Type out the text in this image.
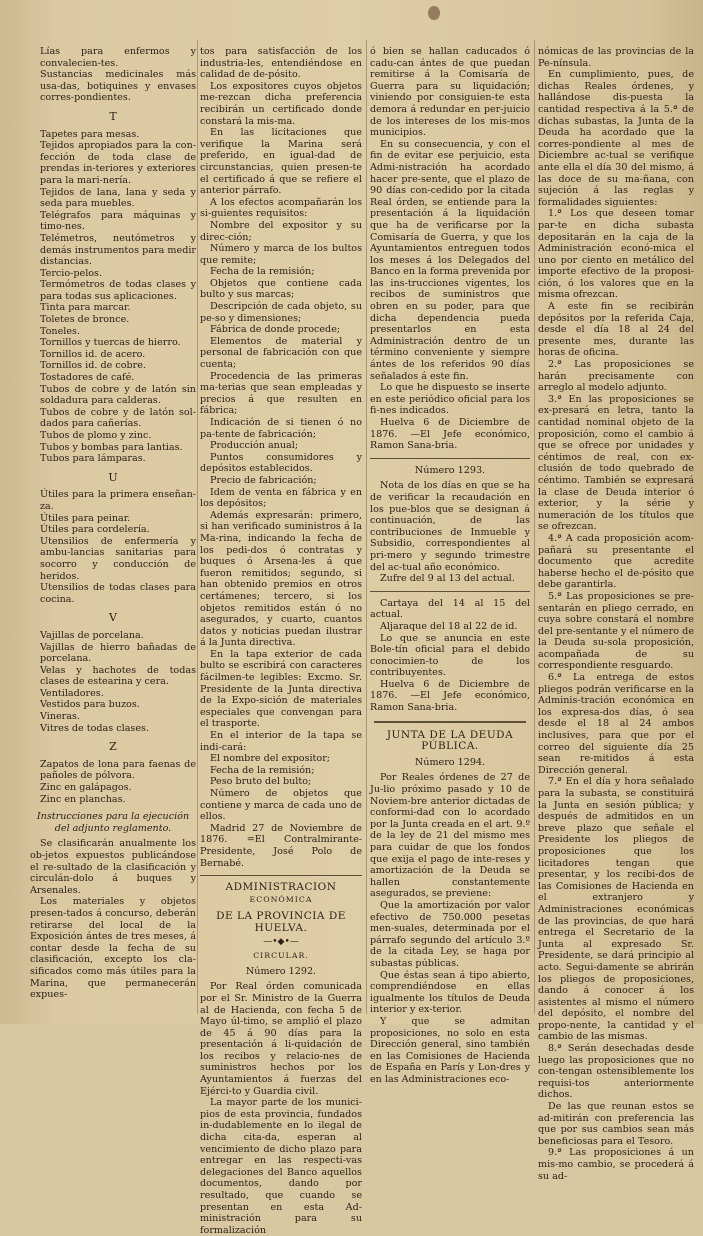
Lías para enfermos y convalecien-tes.

Sustancias medicinales más usa-das, botiquines y envases corres-pondientes.

T

Tapetes para mesas.

Tejidos apropiados para la con-fección de toda clase de prendas in-teriores y exteriores para la mari-nería.

Tejidos de lana, lana y seda y seda para muebles.

Telégrafos para máquinas y timo-nes.

Telémetros, neutómetros y demás instrumentos para medir distancias.

Tercio-pelos.

Termómetros de todas clases y para todas sus aplicaciones.

Tinta para marcar.

Toletes de bronce.

Toneles.

Tornillos y tuercas de hierro.

Tornillos id. de acero.

Tornillos id. de cobre.

Tostadores de café.

Tubos de cobre y de latón sin soldadura para calderas.

Tubos de cobre y de latón sol-dados para cañerías.

Tubos de plomo y zinc.

Tubos y bombas para lantias.

Tubos para lámparas.

U

Útiles para la primera enseñan-za.

Útiles para peinar.

Útiles para cordelería.

Utensilios de enfermería y ambu-lancias sanitarias para socorro y conducción de heridos.

Utensilios de todas clases para cocina.

V

Vajillas de porcelana.

Vajillas de hierro bañadas de porcelana.

Velas y hachotes de todas clases de estearina y cera.

Ventiladores.

Vestidos para buzos.

Vineras.

Vitres de todas clases.

Z

Zapatos de lona para faenas de pañoles de pólvora.

Zinc en galápagos.

Zinc en planchas.

Instrucciones para la ejecución del adjunto reglamento.

Se clasificarán anualmente los ob-jetos expuestos publicándose el re-sultado de la clasificación y circulán-dolo á buques y Arsenales.

Los materiales y objetos presen-tados á concurso, deberán retirarse del local de la Exposición ántes de tres meses, á contar desde la fecha de su clasificación, excepto los cla-sificados como más útiles para la Marina, que permanecerán expues-

tos para satisfacción de los industria-les, entendiéndose en calidad de de-pósito.

Los expositores cuyos objetos me-rezcan dicha preferencia recibirán un certificado donde constará la mis-ma.

En las licitaciones que verifique la Marina será preferido, en igual-dad de circunstancias, quien presen-te el certificado á que se refiere el anterior párrafo.

A los efectos acompañarán los si-guientes requisitos:

Nombre del expositor y su direc-ción;

Número y marca de los bultos que remite;

Fecha de la remisión;

Objetos que contiene cada bulto y sus marcas;

Descripción de cada objeto, su pe-so y dimensiones;

Fábrica de donde procede;

Elementos de material y personal de fabricación con que cuenta;

Procedencia de las primeras ma-terias que sean empleadas y precios á que resulten en fábrica;

Indicación de si tienen ó no pa-tente de fabricación;

Producción anual;

Puntos consumidores y depósitos establecidos.

Precio de fabricación;

Idem de venta en fábrica y en los depósitos;

Además expresarán: primero, si han verificado suministros á la Ma-rina, indicando la fecha de los pedi-dos ó contratas y buques ó Arsena-les á que fueron remitidos; segundo, si han obtenido premios en otros certámenes; tercero, si los objetos remitidos están ó no asegurados, y cuarto, cuantos datos y noticias puedan ilustrar á la Junta directiva.

En la tapa exterior de cada bulto se escribirá con caracteres fácilmen-te legibles: Excmo. Sr. Presidente de la Junta directiva de la Expo-sición de materiales especiales que convengan para el trasporte.

En el interior de la tapa se indi-cará:

El nombre del expositor;

Fecha de la remisión;

Peso bruto del bulto;

Número de objetos que contiene y marca de cada uno de ellos.

Madrid 27 de Noviembre de 1876. =El Contralmirante-Presidente, José Polo de Bernabé.

ADMINISTRACION

ECONÓMICA

DE LA PROVINCIA DE HUELVA.

—•◆•—

CIRCULAR.

Número 1292.

Por Real órden comunicada por el Sr. Ministro de la Guerra al de Hacienda, con fecha 5 de Mayo úl-timo, se amplió el plazo de 45 á 90 días para la presentación á li-quidación de los recibos y relacio-nes de suministros hechos por los Ayuntamientos á fuerzas del Ejérci-to y Guardia civil.

La mayor parte de los munici-pios de esta provincia, fundados in-dudablemente en lo ilegal de dicha cita-da, esperan al vencimiento de dicho plazo para entregar en las respecti-vas delegaciones del Banco aquellos documentos, dando por resultado, que cuando se presentan en esta Ad-ministración para su formalización

ó bien se hallan caducados ó cadu-can ántes de que puedan remitirse á la Comisaría de Guerra para su liquidación; viniendo por consiguien-te esta demora á redundar en per-juicio de los intereses de los mis-mos municipios.

En su consecuencia, y con el fin de evitar ese perjuicio, esta Admi-nistración ha acordado hacer pre-sente, que el plazo de 90 días con-cedido por la citada Real órden, se entiende para la presentación á la liquidación que ha de verificarse por la Comisaría de Guerra, y que los Ayuntamientos entreguen todos los meses á los Delegados del Banco en la forma prevenida por las ins-trucciones vigentes, los recibos de suministros que obren en su poder, para que dicha dependencia pueda presentarlos en esta Administración dentro de un término conveniente y siempre ántes de los referidos 90 días señalados á este fin.

Lo que he dispuesto se inserte en este periódico oficial para los fi-nes indicados.

Huelva 6 de Diciembre de 1876. —El Jefe económico, Ramon Sana-bria.

Número 1293.

Nota de los días en que se ha de verificar la recaudación en los pue-blos que se designan á continuación, de las contribuciones de Inmueble y Subsidio, correspondientes al pri-mero y segundo trimestre del ac-tual año económico.

Zufre del 9 al 13 del actual.

Cartaya del 14 al 15 del actual.

Aljaraque del 18 al 22 de id.

Lo que se anuncia en este Bole-tín oficial para el debido conocimien-to de los contribuyentes.

Huelva 6 de Diciembre de 1876. —El Jefe económico, Ramon Sana-bria.

JUNTA DE LA DEUDA PÚBLICA.

Número 1294.

Por Reales órdenes de 27 de Ju-lio próximo pasado y 10 de Noviem-bre anterior dictadas de conformi-dad con lo acordado por la Junta creada en el art. 9.º de la ley de 21 del mismo mes para cuidar de que los fondos que exija el pago de inte-reses y amortización de la Deuda se hallen constantemente asegurados, se previene:

Que la amortización por valor efectivo de 750.000 pesetas men-suales, determinada por el párrafo segundo del artículo 3.º de la citada Ley, se haga por subastas públicas.

Que éstas sean á tipo abierto, comprendiéndose en ellas igualmente los títulos de Deuda interior y ex-terior.

Y que se admitan proposiciones, no solo en esta Dirección general, sino también en las Comisiones de Hacienda de España en París y Lon-dres y en las Administraciones eco-

nómicas de las provincias de la Pe-nínsula.

En cumplimiento, pues, de dichas Reales órdenes, y hallándose dis-puesta la cantidad respectiva á la 5.ª de dichas subastas, la Junta de la Deuda ha acordado que la corres-pondiente al mes de Diciembre ac-tual se verifique ante ella el día 30 del mismo, á las doce de su ma-ñana, con sujeción á las reglas y formalidades siguientes:

1.ª Los que deseen tomar par-te en dicha subasta depositarán en la caja de la Administración econó-mica el uno por ciento en metálico del importe efectivo de la proposi-ción, ó los valores que en la misma ofrezcan.

A este fin se recibirán depósitos por la referida Caja, desde el día 18 al 24 del presente mes, durante las horas de oficina.

2.ª Las proposiciones se harán precisamente con arreglo al modelo adjunto.

3.ª En las proposiciones se ex-presará en letra, tanto la cantidad nominal objeto de la proposición, como el cambio á que se ofrece por unidades y céntimos de real, con ex-clusión de todo quebrado de céntimo. También se expresará la clase de Deuda interior ó exterior, y la série y numeración de los títulos que se ofrezcan.

4.ª A cada proposición acom-pañará su presentante el documento que acredite haberse hecho el de-pósito que debe garantirla.

5.ª Las proposiciones se pre-sentarán en pliego cerrado, en cuya sobre constará el nombre del pre-sentante y el número de la Deuda su-sola proposición, acompañada de su correspondiente resguardo.

6.ª La entrega de estos pliegos podrán verificarse en la Adminis-tración económica en los expresa-dos días, ó sea desde el 18 al 24 ambos inclusives, para que por el correo del siguiente día 25 sean re-mitidos á esta Dirección general.

7.ª En el día y hora señalado para la subasta, se constituirá la Junta en sesión pública; y después de admitidos en un breve plazo que señale el Presidente los pliegos de proposiciones que los licitadores tengan que presentar, y los recibi-dos de las Comisiones de Hacienda en el extranjero y Administraciones económicas de las provincias, de que hará entrega el Secretario de la Junta al expresado Sr. Presidente, se dará principio al acto. Segui-damente se abrirán los pliegos de proposiciones, dando á conocer á los asistentes al mismo el número del depósito, el nombre del propo-nente, la cantidad y el cambio de las mismas.

8.ª Serán desechadas desde luego las proposiciones que no con-tengan ostensiblemente los requisi-tos anteriormente dichos.

De las que reunan estos se ad-mitirán con preferencia las que por sus cambios sean más beneficiosas para el Tesoro.

9.ª Las proposiciones á un mis-mo cambio, se procederá á su ad-
